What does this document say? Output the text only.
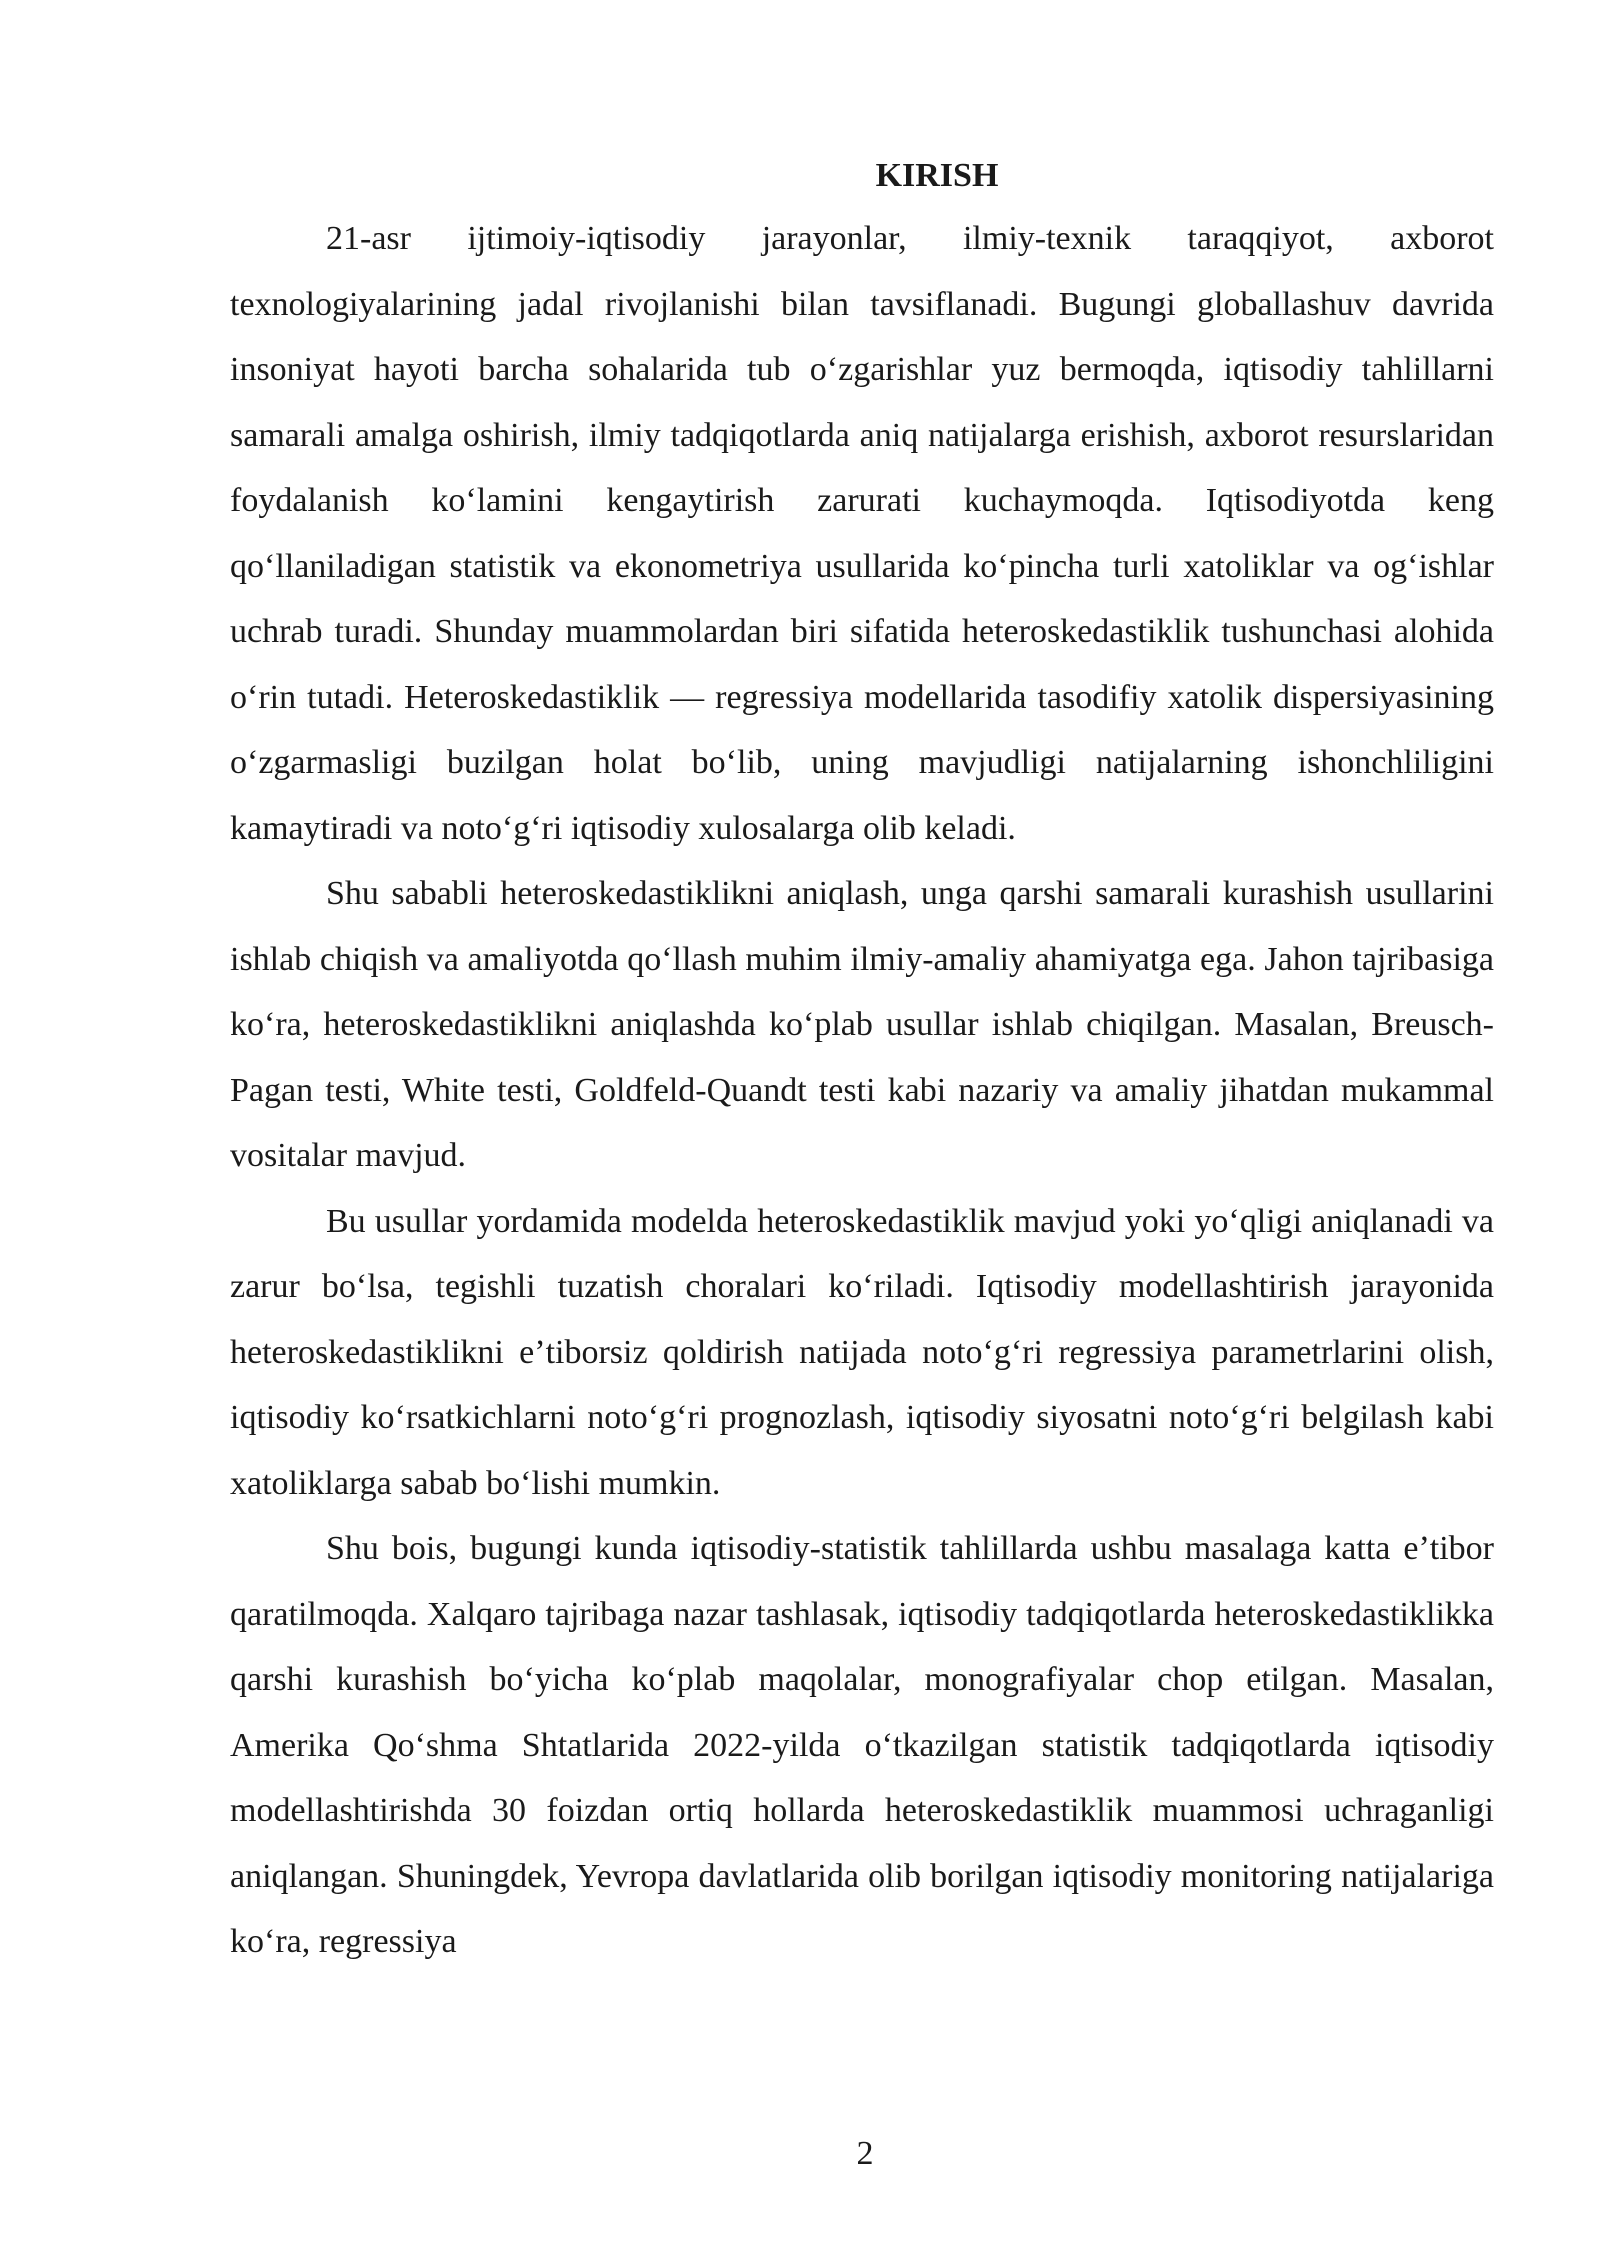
KIRISH

21-asr ijtimoiy-iqtisodiy jarayonlar, ilmiy-texnik taraqqiyot, axborot texnologiyalarining jadal rivojlanishi bilan tavsiflanadi. Bugungi globallashuv davrida insoniyat hayoti barcha sohalarida tub oʻzgarishlar yuz bermoqda, iqtisodiy tahlillarni samarali amalga oshirish, ilmiy tadqiqotlarda aniq natijalarga erishish, axborot resurslaridan foydalanish koʻlamini kengaytirish zarurati kuchaymoqda. Iqtisodiyotda keng qoʻllaniladigan statistik va ekonometriya usullarida koʻpincha turli xatoliklar va ogʻishlar uchrab turadi. Shunday muammolardan biri sifatida heteroskedastiklik tushunchasi alohida oʻrin tutadi. Heteroskedastiklik — regressiya modellarida tasodifiy xatolik dispersiyasining oʻzgarmasligi buzilgan holat boʻlib, uning mavjudligi natijalarning ishonchliligini kamaytiradi va notoʻgʻri iqtisodiy xulosalarga olib keladi.

Shu sababli heteroskedastiklikni aniqlash, unga qarshi samarali kurashish usullarini ishlab chiqish va amaliyotda qoʻllash muhim ilmiy-amaliy ahamiyatga ega. Jahon tajribasiga koʻra, heteroskedastiklikni aniqlashda koʻplab usullar ishlab chiqilgan. Masalan, Breusch-Pagan testi, White testi, Goldfeld-Quandt testi kabi nazariy va amaliy jihatdan mukammal vositalar mavjud.

Bu usullar yordamida modelda heteroskedastiklik mavjud yoki yoʻqligi aniqlanadi va zarur boʻlsa, tegishli tuzatish choralari koʻriladi. Iqtisodiy modellashtirish jarayonida heteroskedastiklikni eʼtiborsiz qoldirish natijada notoʻgʻri regressiya parametrlarini olish, iqtisodiy koʻrsatkichlarni notoʻgʻri prognozlash, iqtisodiy siyosatni notoʻgʻri belgilash kabi xatoliklarga sabab boʻlishi mumkin.

Shu bois, bugungi kunda iqtisodiy-statistik tahlillarda ushbu masalaga katta eʼtibor qaratilmoqda. Xalqaro tajribaga nazar tashlasak, iqtisodiy tadqiqotlarda heteroskedastiklikka qarshi kurashish boʻyicha koʻplab maqolalar, monografiyalar chop etilgan. Masalan, Amerika Qoʻshma Shtatlarida 2022-yilda oʻtkazilgan statistik tadqiqotlarda iqtisodiy modellashtirishda 30 foizdan ortiq hollarda heteroskedastiklik muammosi uchraganligi aniqlangan. Shuningdek, Yevropa davlatlarida olib borilgan iqtisodiy monitoring natijalariga koʻra, regressiya

2
